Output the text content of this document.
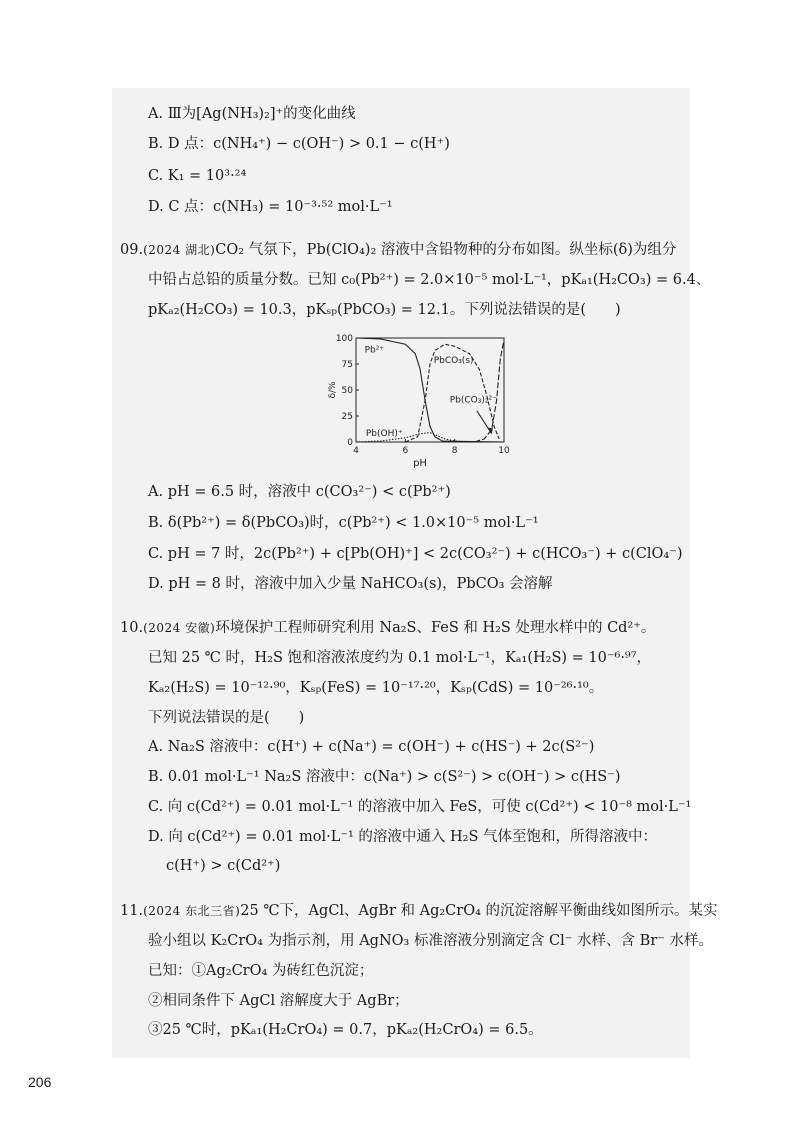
A. Ⅲ为[Ag(NH₃)₂]⁺的变化曲线
B. D 点：c(NH₄⁺) − c(OH⁻) > 0.1 − c(H⁺)
C. K₁ = 10³·²⁴
D. C 点：c(NH₃) = 10⁻³·⁵² mol·L⁻¹
09.(2024 湖北)CO₂ 气氛下，Pb(ClO₄)₂ 溶液中含铅物种的分布如图。纵坐标(δ)为组分
中铅占总铅的质量分数。已知 c₀(Pb²⁺) = 2.0×10⁻⁵ mol·L⁻¹，pKₐ₁(H₂CO₃) = 6.4、
pKₐ₂(H₂CO₃) = 10.3，pKₛₚ(PbCO₃) = 12.1。下列说法错误的是(　　)
4	6	8	10
0
25
50
75
100
pH
δ/%
Pb²⁺
PbCO₃(s)
Pb(CO₃)₂²⁻
Pb(OH)⁺
A. pH = 6.5 时，溶液中 c(CO₃²⁻) < c(Pb²⁺)
B. δ(Pb²⁺) = δ(PbCO₃)时，c(Pb²⁺) < 1.0×10⁻⁵ mol·L⁻¹
C. pH = 7 时，2c(Pb²⁺) + c[Pb(OH)⁺] < 2c(CO₃²⁻) + c(HCO₃⁻) + c(ClO₄⁻)
D. pH = 8 时，溶液中加入少量 NaHCO₃(s)，PbCO₃ 会溶解
10.(2024 安徽)环境保护工程师研究利用 Na₂S、FeS 和 H₂S 处理水样中的 Cd²⁺。
已知 25 ℃ 时，H₂S 饱和溶液浓度约为 0.1 mol·L⁻¹，Kₐ₁(H₂S) = 10⁻⁶·⁹⁷，
Kₐ₂(H₂S) = 10⁻¹²·⁹⁰，Kₛₚ(FeS) = 10⁻¹⁷·²⁰，Kₛₚ(CdS) = 10⁻²⁶·¹⁰。
下列说法错误的是(　　)
A. Na₂S 溶液中：c(H⁺) + c(Na⁺) = c(OH⁻) + c(HS⁻) + 2c(S²⁻)
B. 0.01 mol·L⁻¹ Na₂S 溶液中：c(Na⁺) > c(S²⁻) > c(OH⁻) > c(HS⁻)
C. 向 c(Cd²⁺) = 0.01 mol·L⁻¹ 的溶液中加入 FeS，可使 c(Cd²⁺) < 10⁻⁸ mol·L⁻¹
D. 向 c(Cd²⁺) = 0.01 mol·L⁻¹ 的溶液中通入 H₂S 气体至饱和，所得溶液中：
c(H⁺) > c(Cd²⁺)
11.(2024 东北三省)25 ℃下，AgCl、AgBr 和 Ag₂CrO₄ 的沉淀溶解平衡曲线如图所示。某实
验小组以 K₂CrO₄ 为指示剂，用 AgNO₃ 标准溶液分别滴定含 Cl⁻ 水样、含 Br⁻ 水样。
已知：①Ag₂CrO₄ 为砖红色沉淀；
②相同条件下 AgCl 溶解度大于 AgBr；
③25 ℃时，pKₐ₁(H₂CrO₄) = 0.7，pKₐ₂(H₂CrO₄) = 6.5。
206
